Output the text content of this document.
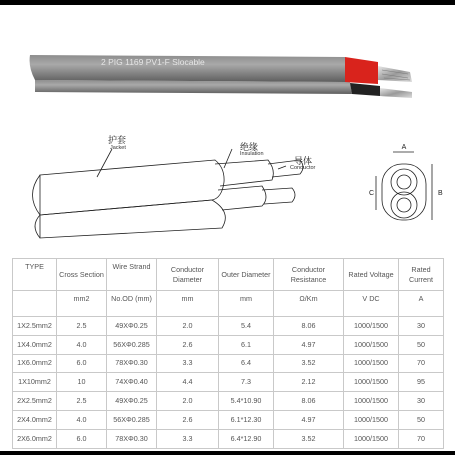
2 PIG 1169 PV1-F Slocable
A
B
C
护套
Jacket	绝缘
Insulation
导体
Conductor
TYPE	Cross Section	Wire Strand	Conductor Diameter	Outer Diameter	Conductor Resistance	Rated Voltage	Rated Current
	mm2	No.OD (mm)	mm	mm	Ω/Km	V DC	A
1X2.5mm2	2.5	49XΦ0.25	2.0	5.4	8.06	1000/1500	30
1X4.0mm2	4.0	56XΦ0.285	2.6	6.1	4.97	1000/1500	50
1X6.0mm2	6.0	78XΦ0.30	3.3	6.4	3.52	1000/1500	70
1X10mm2	10	74XΦ0.40	4.4	7.3	2.12	1000/1500	95
2X2.5mm2	2.5	49XΦ0.25	2.0	5.4*10.90	8.06	1000/1500	30
2X4.0mm2	4.0	56XΦ0.285	2.6	6.1*12.30	4.97	1000/1500	50
2X6.0mm2	6.0	78XΦ0.30	3.3	6.4*12.90	3.52	1000/1500	70
